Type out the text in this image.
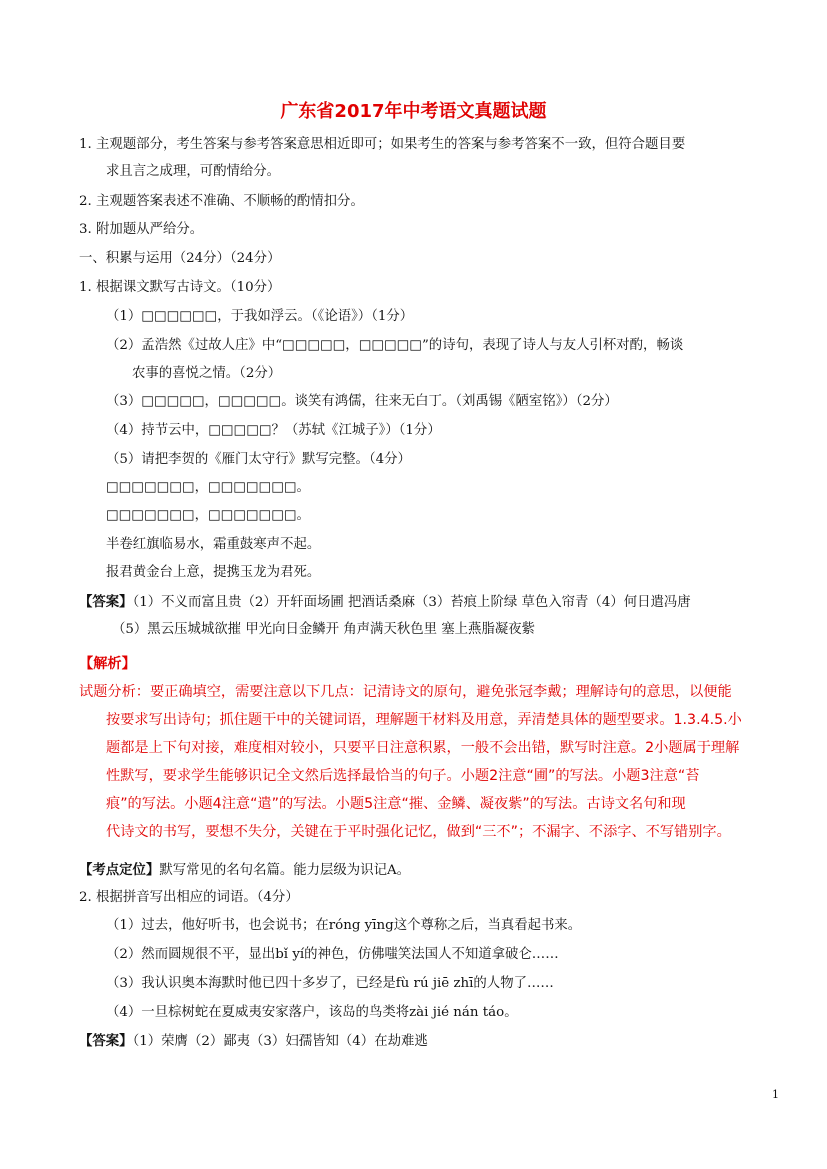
广东省2017年中考语文真题试题
1. 主观题部分，考生答案与参考答案意思相近即可；如果考生的答案与参考答案不一致，但符合题目要
求且言之成理，可酌情给分。
2. 主观题答案表述不准确、不顺畅的酌情扣分。
3. 附加题从严给分。
一、积累与运用（24分）（24分）
1. 根据课文默写古诗文。（10分）
（1）□□□□□□，于我如浮云。（《论语》）（1分）
（2）孟浩然《过故人庄》中“□□□□□，□□□□□”的诗句，表现了诗人与友人引杯对酌，畅谈
农事的喜悦之情。（2分）
（3）□□□□□，□□□□□。谈笑有鸿儒，往来无白丁。（刘禹锡《陋室铭》）（2分）
（4）持节云中，□□□□□？（苏轼《江城子》）（1分）
（5）请把李贺的《雁门太守行》默写完整。（4分）
□□□□□□□，□□□□□□□。
□□□□□□□，□□□□□□□。
半卷红旗临易水，霜重鼓寒声不起。
报君黄金台上意，提携玉龙为君死。
【答案】（1）不义而富且贵（2）开轩面场圃 把酒话桑麻（3）苔痕上阶绿 草色入帘青（4）何日遣冯唐
（5）黑云压城城欲摧 甲光向日金鳞开 角声满天秋色里 塞上燕脂凝夜紫
【解析】
试题分析：要正确填空，需要注意以下几点：记清诗文的原句，避免张冠李戴；理解诗句的意思，以便能
按要求写出诗句；抓住题干中的关键词语，理解题干材料及用意，弄清楚具体的题型要求。1.3.4.5.小
题都是上下句对接，难度相对较小，只要平日注意积累，一般不会出错，默写时注意。2小题属于理解
性默写，要求学生能够识记全文然后选择最恰当的句子。小题2注意“圃”的写法。小题3注意“苔
痕”的写法。小题4注意“遣”的写法。小题5注意“摧、金鳞、凝夜紫”的写法。古诗文名句和现
代诗文的书写，要想不失分，关键在于平时强化记忆，做到“三不”；不漏字、不添字、不写错别字。
【考点定位】默写常见的名句名篇。能力层级为识记A。
2. 根据拼音写出相应的词语。（4分）
（1）过去，他好听书，也会说书；在róng yīng这个尊称之后，当真看起书来。
（2）然而圆规很不平，显出bǐ yí的神色，仿佛嗤笑法国人不知道拿破仑……
（3）我认识奥本海默时他已四十多岁了，已经是fù rú jiē zhī的人物了……
（4）一旦棕树蛇在夏威夷安家落户，该岛的鸟类将zài jié nán táo。
【答案】（1）荣膺（2）鄙夷（3）妇孺皆知（4）在劫难逃
1
